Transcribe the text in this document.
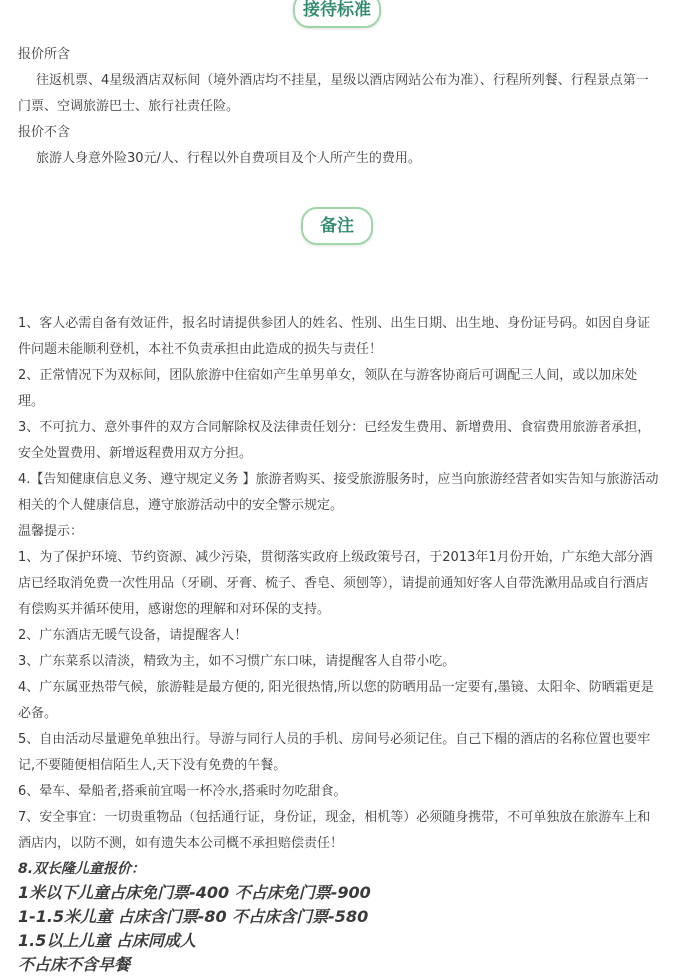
接待标准

报价所含

往返机票、4星级酒店双标间（境外酒店均不挂星，星级以酒店网站公布为准）、行程所列餐、行程景点第一门票、空调旅游巴士、旅行社责任险。

报价不含

旅游人身意外险30元/人、行程以外自费项目及个人所产生的费用。

备注

1、客人必需自备有效证件，报名时请提供参团人的姓名、性别、出生日期、出生地、身份证号码。如因自身证件问题未能顺利登机，本社不负责承担由此造成的损失与责任！

2、正常情况下为双标间，团队旅游中住宿如产生单男单女，领队在与游客协商后可调配三人间，或以加床处理。

3、不可抗力、意外事件的双方合同解除权及法律责任划分：已经发生费用、新增费用、食宿费用旅游者承担，安全处置费用、新增返程费用双方分担。

4.【告知健康信息义务、遵守规定义务 】旅游者购买、接受旅游服务时，应当向旅游经营者如实告知与旅游活动相关的个人健康信息，遵守旅游活动中的安全警示规定。

温馨提示：

1、为了保护环境、节约资源、减少污染，贯彻落实政府上级政策号召，于2013年1月份开始，广东绝大部分酒店已经取消免费一次性用品（牙刷、牙膏、梳子、香皂、须刨等），请提前通知好客人自带洗漱用品或自行酒店有偿购买并循环使用，感谢您的理解和对环保的支持。

2、广东酒店无暖气设备，请提醒客人！

3、广东菜系以清淡，精致为主，如不习惯广东口味，请提醒客人自带小吃。

4、广东属亚热带气候，旅游鞋是最方便的, 阳光很热情,所以您的防晒用品一定要有,墨镜、太阳伞、防晒霜更是必备。

5、自由活动尽量避免单独出行。导游与同行人员的手机、房间号必须记住。自己下榻的酒店的名称位置也要牢记,不要随便相信陌生人,天下没有免费的午餐。

6、晕车、晕船者,搭乘前宜喝一杯冷水,搭乘时勿吃甜食。

7、安全事宜：一切贵重物品（包括通行证，身份证，现金，相机等）必须随身携带，不可单独放在旅游车上和酒店内，以防不测，如有遗失本公司概不承担赔偿责任！

8.双长隆儿童报价：

1米以下儿童占床免门票-400 不占床免门票-900

1-1.5米儿童 占床含门票-80 不占床含门票-580

1.5以上儿童 占床同成人

不占床不含早餐
